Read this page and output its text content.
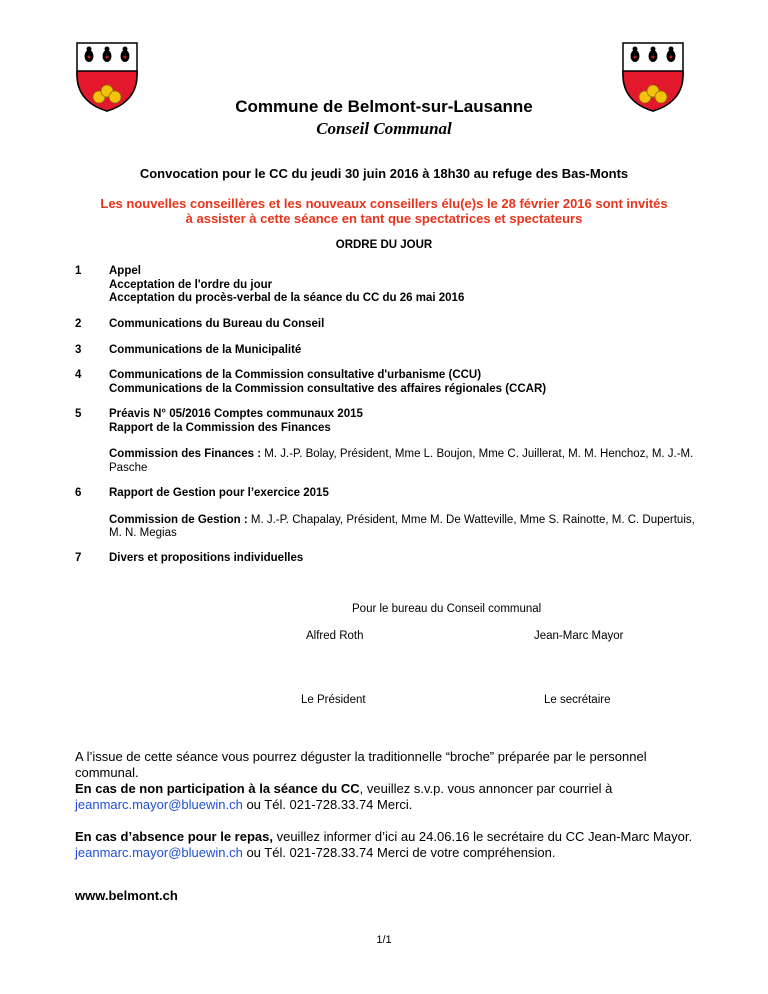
Commune de Belmont-sur-Lausanne
Conseil Communal
Convocation pour le CC du jeudi 30 juin 2016 à 18h30 au refuge des Bas-Monts
Les nouvelles conseillères et les nouveaux conseillers élu(e)s le 28 février 2016 sont invités
à assister à cette séance en tant que spectatrices et spectateurs
ORDRE DU JOUR
1 Appel
Acceptation de l'ordre du jour
Acceptation du procès-verbal de la séance du CC du 26 mai 2016
2 Communications du Bureau du Conseil
3 Communications de la Municipalité
4 Communications de la Commission consultative d'urbanisme (CCU)
Communications de la Commission consultative des affaires régionales (CCAR)
5 Préavis N° 05/2016 Comptes communaux 2015
Rapport de la Commission des Finances
Commission des Finances : M. J.-P. Bolay, Président, Mme L. Boujon, Mme C. Juillerat, M. M. Henchoz, M. J.-M. Pasche
6 Rapport de Gestion pour l’exercice 2015
Commission de Gestion : M. J.-P. Chapalay, Président, Mme M. De Watteville, Mme S. Rainotte, M. C. Dupertuis, M. N. Megias
7 Divers et propositions individuelles
Pour le bureau du Conseil communal
Alfred Roth	Jean-Marc Mayor
Le Président	Le secrétaire
A l’issue de cette séance vous pourrez déguster la traditionnelle “broche” préparée par le personnel communal.
En cas de non participation à la séance du CC, veuillez s.v.p. vous annoncer par courriel à
jeanmarc.mayor@bluewin.ch ou Tél. 021-728.33.74 Merci.
En cas d’absence pour le repas, veuillez informer d’ici au 24.06.16 le secrétaire du CC Jean-Marc Mayor. jeanmarc.mayor@bluewin.ch ou Tél. 021-728.33.74 Merci de votre compréhension.
www.belmont.ch
1/1
